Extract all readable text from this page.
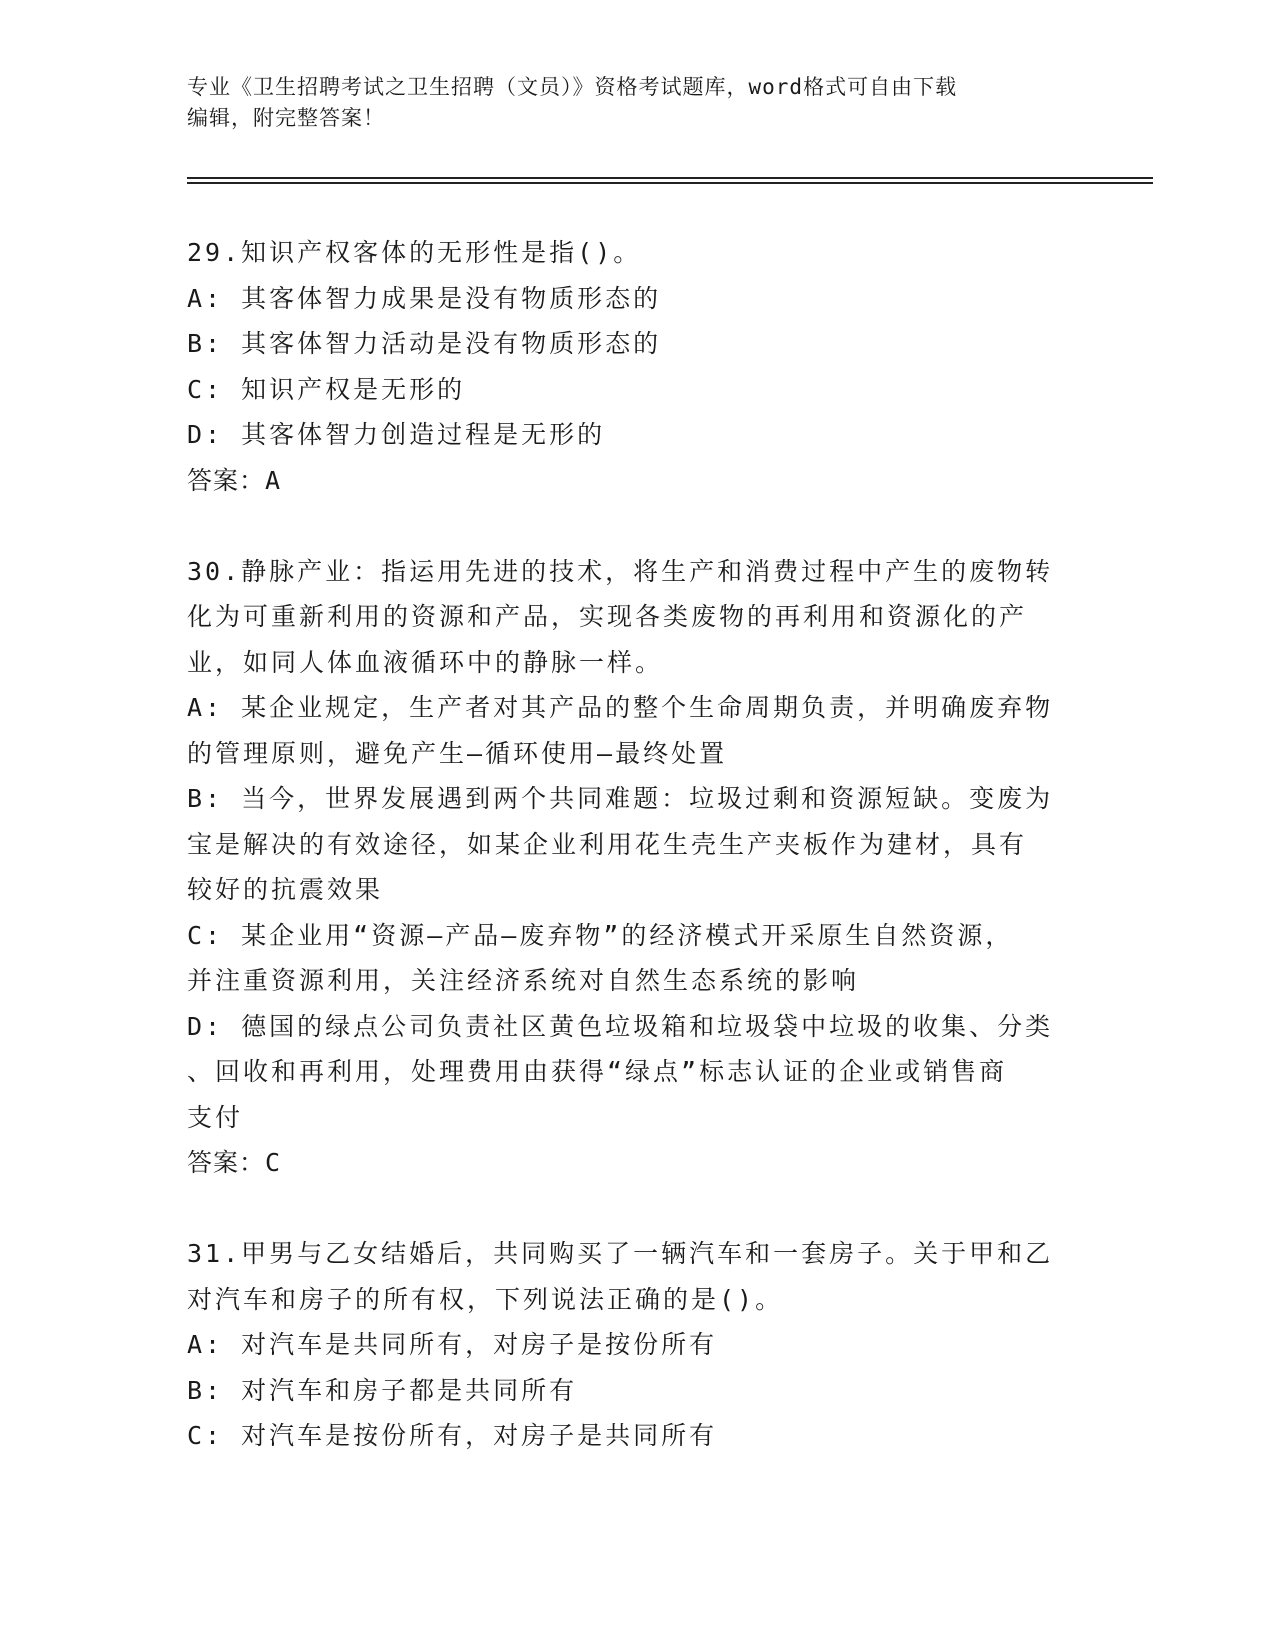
专业《卫生招聘考试之卫生招聘（文员）》资格考试题库，word格式可自由下载
编辑，附完整答案！

29.知识产权客体的无形性是指()。

A: 其客体智力成果是没有物质形态的

B: 其客体智力活动是没有物质形态的

C: 知识产权是无形的

D: 其客体智力创造过程是无形的

答案：A

30.静脉产业：指运用先进的技术，将生产和消费过程中产生的废物转

化为可重新利用的资源和产品，实现各类废物的再利用和资源化的产

业，如同人体血液循环中的静脉一样。

A: 某企业规定，生产者对其产品的整个生命周期负责，并明确废弃物

的管理原则，避免产生—循环使用—最终处置

B: 当今，世界发展遇到两个共同难题：垃圾过剩和资源短缺。变废为

宝是解决的有效途径，如某企业利用花生壳生产夹板作为建材，具有

较好的抗震效果

C: 某企业用“资源—产品—废弃物”的经济模式开采原生自然资源，

并注重资源利用，关注经济系统对自然生态系统的影响

D: 德国的绿点公司负责社区黄色垃圾箱和垃圾袋中垃圾的收集、分类

、回收和再利用，处理费用由获得“绿点”标志认证的企业或销售商

支付

答案：C

31.甲男与乙女结婚后，共同购买了一辆汽车和一套房子。关于甲和乙

对汽车和房子的所有权，下列说法正确的是()。

A: 对汽车是共同所有，对房子是按份所有

B: 对汽车和房子都是共同所有

C: 对汽车是按份所有，对房子是共同所有
